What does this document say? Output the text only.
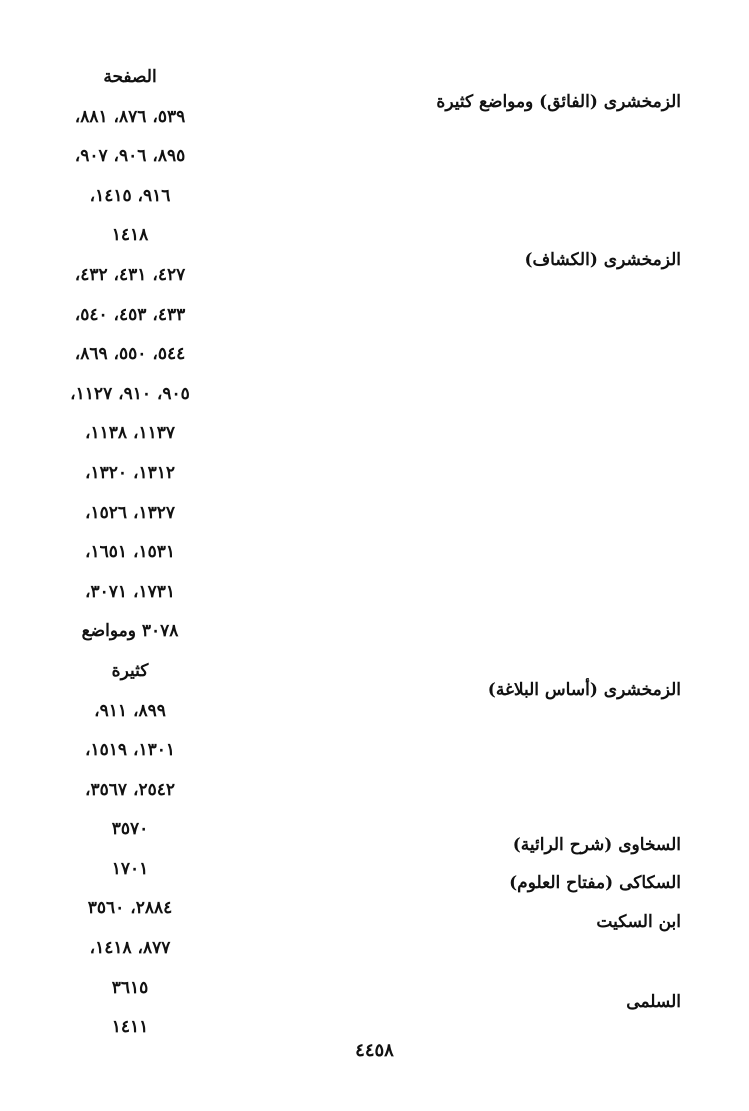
الصفحة
٥٣٩، ٨٧٦، ٨٨١،
٨٩٥، ٩٠٦، ٩٠٧،
٩١٦، ١٤١٥،
١٤١٨
٤٢٧، ٤٣١، ٤٣٢،
٤٣٣، ٤٥٣، ٥٤٠،
٥٤٤، ٥٥٠، ٨٦٩،
٩٠٥، ٩١٠، ١١٢٧،
١١٣٧، ١١٣٨،
١٣١٢، ١٣٢٠،
١٣٢٧، ١٥٢٦،
١٥٣١، ١٦٥١،
١٧٣١، ٣٠٧١،
٣٠٧٨ ومواضع
كثيرة
٨٩٩، ٩١١،
١٣٠١، ١٥١٩،
٢٥٤٢، ٣٥٦٧،
٣٥٧٠
١٧٠١
٢٨٨٤، ٣٥٦٠
٨٧٧، ١٤١٨،
٣٦١٥
١٤١١
الزمخشرى (الفائق) ومواضع كثيرة
الزمخشرى (الكشاف)
الزمخشرى (أساس البلاغة)
السخاوى (شرح الرائية)
السكاكى (مفتاح العلوم)
ابن السكيت
السلمى
٤٤٥٨
